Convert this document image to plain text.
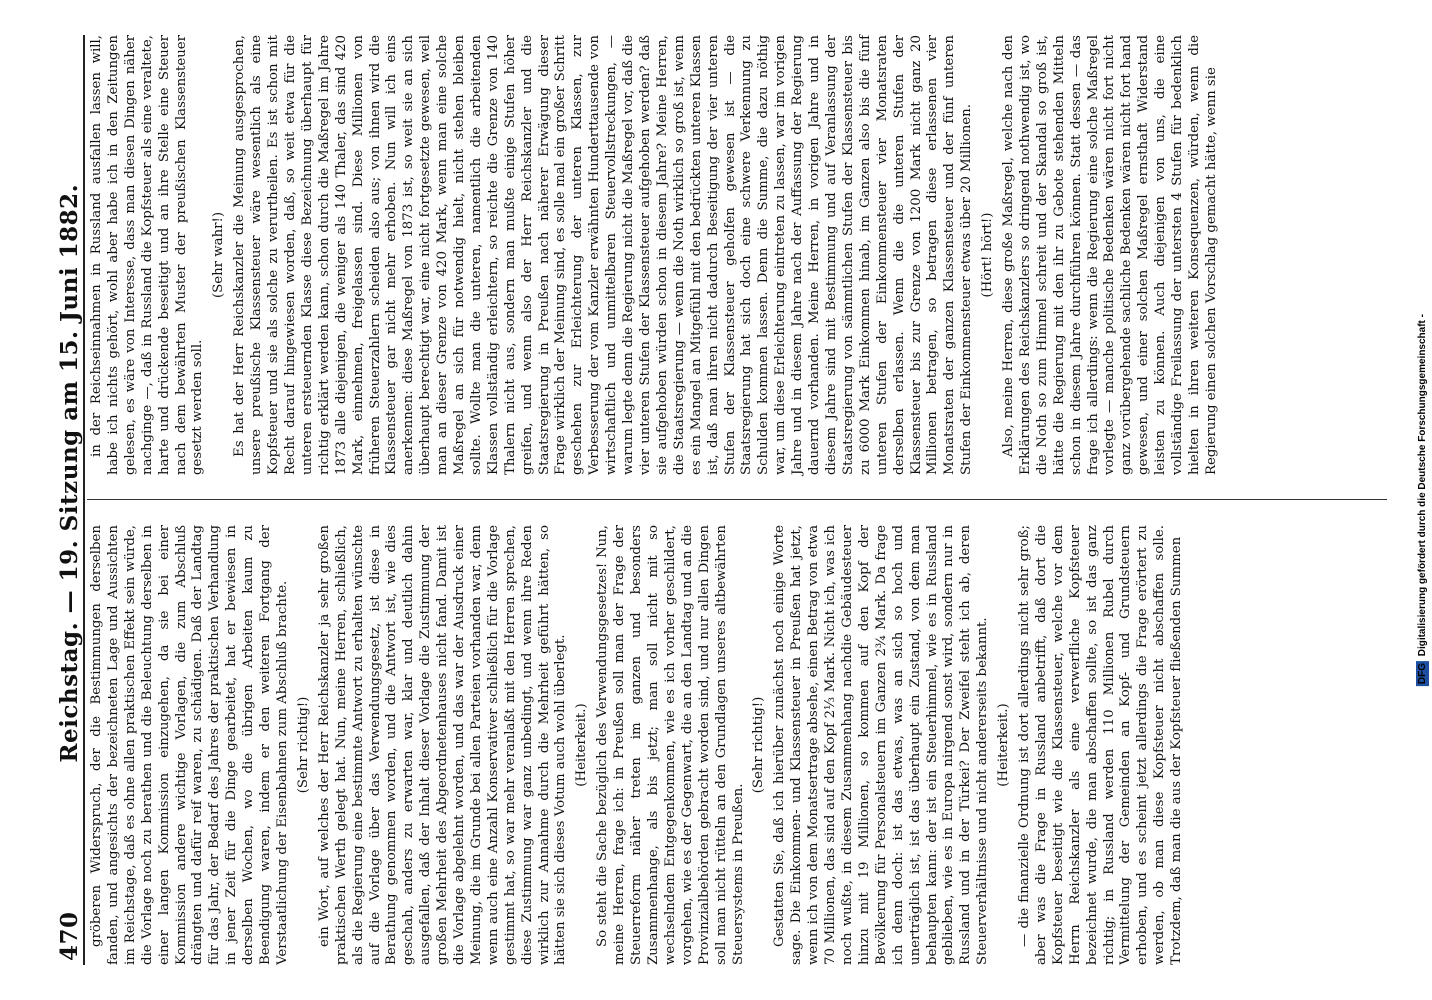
470
Reichstag. — 19. Sitzung am 15. Juni 1882. gröberen Widerspruch, der die Bestimmungen derselben fanden, und angesichts der bezeichneten Lage und Aussichten im Reichstage, daß es ohne allen praktischen Effekt sein würde, die Vorlage noch zu berathen und die Beleuchtung derselben in einer langen Kommission einzugehen, da sie bei einer Kommission andere wichtige Vorlagen, die zum Abschluß drängten und dafür reif waren, zu schädigen. Daß der Landtag für das Jahr, der Bedarf des Jahres der praktischen Verhandlung in jener Zeit für die Dinge gearbeitet, hat er bewiesen in derselben Wochen, wo die übrigen Arbeiten kaum zu Beendigung waren, indem er den weiteren Fortgang der Verstaatlichung der Eisenbahnen zum Abschluß brachte. (Sehr richtig!) ein Wort, auf welches der Herr Reichskanzler ja sehr großen praktischen Werth gelegt hat. Nun, meine Herren, schließlich, als die Regierung eine bestimmte Antwort zu erhalten wünschte auf die Vorlage über das Verwendungsgesetz, ist diese in Berathung genommen worden, und die Antwort ist, wie dies geschah, anders zu erwarten war, klar und deutlich dahin ausgefallen, daß der Inhalt dieser Vorlage die Zustimmung der großen Mehrheit des Abgeordnetenhauses nicht fand. Damit ist die Vorlage abgelehnt worden, und das war der Ausdruck einer Meinung, die im Grunde bei allen Parteien vorhanden war, denn wenn auch eine Anzahl Konservativer schließlich für die Vorlage gestimmt hat, so war mehr veranlaßt mit den Herren sprechen, diese Zustimmung war ganz unbedingt, und wenn ihre Reden wirklich zur Annahme durch die Mehrheit geführt hätten, so hätten sie sich dieses Votum auch wohl überlegt. (Heiterkeit.) So steht die Sache bezüglich des Verwendungsgesetzes! Nun, meine Herren, frage ich: in Preußen soll man der Frage der Steuerreform näher treten im ganzen und besonders Zusammenhange, als bis jetzt; man soll nicht mit so wechselndem Entgegenkommen, wie es ich vorher geschildert, vorgehen, wie es der Gegenwart, die an den Landtag und an die Provinzialbehörden gebracht worden sind, und nur allen Dingen soll man nicht rütteln an den Grundlagen unseres altbewährten Steuersystems in Preußen.

(Sehr richtig!) Gestatten Sie, daß ich hierüber zunächst noch einige Worte sage. Die Einkommen- und Klassensteuer in Preußen hat jetzt, wenn ich von dem Monatsertrage absehe, einen Betrag von etwa 70 Millionen, das sind auf den Kopf 2⅓ Mark. Nicht ich, was ich noch wußte, in diesem Zusammenhang nachdie Gebäudesteuer hinzu mit 19 Millionen, so kommen auf den Kopf der Bevölkerung für Personalsteuern im Ganzen 2¾ Mark. Da frage ich denn doch: ist das etwas, was an sich so hoch und unerträglich ist, ist das überhaupt ein Zustand, von dem man behaupten kann: der ist ein Steuerhimmel, wie es in Russland geblieben, wie es in Europa nirgend sonst wird, sondern nur in Russland und in der Türkei? Der Zweifel steht ich ab, deren Steuerverhältnisse und nicht andererseits bekannt. (Heiterkeit.) — die finanzielle Ordnung ist dort allerdings nicht sehr groß; aber was die Frage in Russland anbetrifft, daß dort die Kopfsteuer beseitigt wie die Klassensteuer, welche vor dem Herrn Reichskanzler als eine verwerfliche Kopfsteuer bezeichnet wurde, die man abschaffen sollte, so ist das ganz richtig; in Russland werden 110 Millionen Rubel durch Vermittelung der Gemeinden an Kopf- und Grundsteuern erhoben, und es scheint jetzt allerdings die Frage erörtert zu werden, ob man diese Kopfsteuer nicht abschaffen solle. Trotzdem, daß man die aus der Kopfsteuer fließenden Summen

in der Reichseinnahmen in Russland ausfallen lassen will, habe ich nichts gehört, wohl aber habe ich in den Zeitungen gelesen, es wäre von Interesse, dass man diesen Dingen näher nachginge —, daß in Russland die Kopfsteuer als eine veraltete, harte und drückende beseitigt und an ihre Stelle eine Steuer nach dem bewährten Muster der preußischen Klassensteuer gesetzt werden soll.

(Sehr wahr!) Es hat der Herr Reichskanzler die Meinung ausgesprochen, unsere preußische Klassensteuer wäre wesentlich als eine Kopfsteuer und sie als solche zu verurtheilen. Es ist schon mit Recht darauf hingewiesen worden, daß, so weit etwa für die unteren ersteuernden Klasse diese Bezeichnung überhaupt für richtig erklärt werden kann, schon durch die Maßregel im Jahre 1873 alle diejenigen, die weniger als 140 Thaler, das sind 420 Mark, einnehmen, freigelassen sind. Diese Millionen von früheren Steuerzahlern scheiden also aus; von ihnen wird die Klassensteuer gar nicht mehr erhoben. Nun will ich eins anerkennen: diese Maßregel von 1873 ist, so weit sie an sich überhaupt berechtigt war, eine nicht fortgesetzte gewesen, weil man an dieser Grenze von 420 Mark, wenn man eine solche Maßregel an sich für notwendig hielt, nicht stehen bleiben sollte. Wollte man die unteren, namentlich die arbeitenden Klassen vollständig erleichtern, so reichte die Grenze von 140 Thalern nicht aus, sondern man mußte einige Stufen höher greifen, und wenn also der Herr Reichskanzler und die Staatsregierung in Preußen nach näherer Erwägung dieser Frage wirklich der Meinung sind, es solle mal ein großer Schritt geschehen zur Erleichterung der unteren Klassen, zur Verbesserung der vom Kanzler erwähnten Hunderttausende von wirtschaftlich und unmittelbaren Steuervollstreckungen, — warum legte denn die Regierung nicht die Maßregel vor, daß die vier unteren Stufen der Klassensteuer aufgehoben werden? daß sie aufgehoben würden schon in diesem Jahre? Meine Herren, die Staatsregierung — wenn die Noth wirklich so groß ist, wenn es ein Mangel an Mitgefühl mit den bedrückten unteren Klassen ist, daß man ihren nicht dadurch Beseitigung der vier unteren Stufen der Klassensteuer geholfen gewesen ist — die Staatsregierung hat sich doch eine schwere Verkennung zu Schulden kommen lassen. Denn die Summe, die dazu nöthig war, um diese Erleichterung eintreten zu lassen, war im vorigen Jahre und in diesem Jahre nach der Auffassung der Regierung dauernd vorhanden. Meine Herren, in vorigen Jahre und in diesem Jahre sind mit Bestimmung und auf Veranlassung der Staatsregierung von sämmtlichen Stufen der Klassensteuer bis zu 6000 Mark Einkommen hinab, im Ganzen also bis die fünf unteren Stufen der Einkommensteuer vier Monatsraten derselben erlassen. Wenn die die unteren Stufen der Klassensteuer bis zur Grenze von 1200 Mark nicht ganz 20 Millionen betragen, so betragen diese erlassenen vier Monatsraten der ganzen Klassensteuer und der fünf unteren Stufen der Einkommensteuer etwas über 20 Millionen. (Hört! hört!) Also, meine Herren, diese große Maßregel, welche nach den Erklärungen des Reichskanzlers so dringend nothwendig ist, wo die Noth so zum Himmel schreit und der Skandal so groß ist, hätte die Regierung mit den ihr zu Gebote stehenden Mitteln schon in diesem Jahre durchführen können. Statt dessen — das frage ich allerdings: wenn die Regierung eine solche Maßregel vorlegte — manche politische Bedenken wären nicht fort nicht ganz vorübergehende sachliche Bedenken wären nicht fort hand gewesen, und einer solchen Maßregel ernsthaft Widerstand leisten zu können. Auch diejenigen von uns, die eine vollständige Freilassung der untersten 4 Stufen für bedenklich hielten in ihren weiteren Konsequenzen, würden, wenn die Regierung einen solchen Vorschlag gemacht hätte, wenn sie

Digitalisierung gefördert durch die Deutsche Forschungsgemeinschaft -
DFG
